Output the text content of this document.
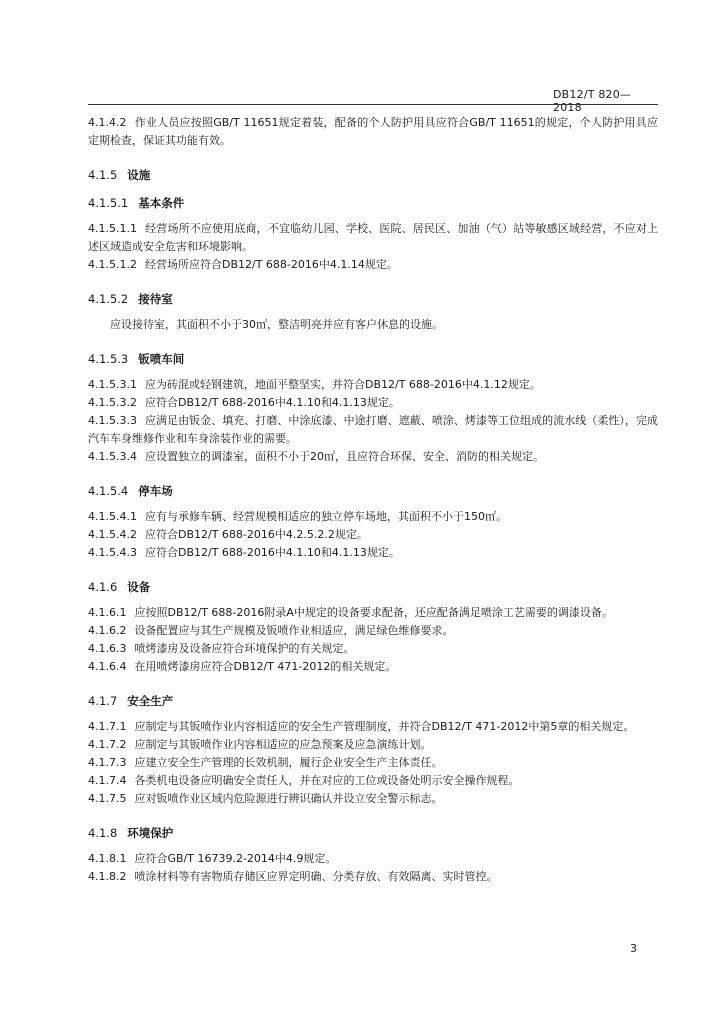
DB12/T 820—2018

4.1.4.2 作业人员应按照GB/T 11651规定着装，配备的个人防护用具应符合GB/T 11651的规定，个人防护用具应定期检查，保证其功能有效。

4.1.5 设施
4.1.5.1 基本条件

4.1.5.1.1 经营场所不应使用底商，不宜临幼儿园、学校、医院、居民区、加油（气）站等敏感区域经营，不应对上述区域造成安全危害和环境影响。

4.1.5.1.2 经营场所应符合DB12/T 688-2016中4.1.14规定。

4.1.5.2 接待室

应设接待室，其面积不小于30㎡，整洁明亮并应有客户休息的设施。

4.1.5.3 钣喷车间

4.1.5.3.1 应为砖混或轻钢建筑，地面平整坚实，并符合DB12/T 688-2016中4.1.12规定。

4.1.5.3.2 应符合DB12/T 688-2016中4.1.10和4.1.13规定。

4.1.5.3.3 应满足由钣金、填充、打磨、中涂底漆、中途打磨、遮蔽、喷涂、烤漆等工位组成的流水线（柔性），完成汽车车身维修作业和车身涂装作业的需要。

4.1.5.3.4 应设置独立的调漆室，面积不小于20㎡，且应符合环保、安全、消防的相关规定。

4.1.5.4 停车场

4.1.5.4.1 应有与承修车辆、经营规模相适应的独立停车场地，其面积不小于150㎡。

4.1.5.4.2 应符合DB12/T 688-2016中4.2.5.2.2规定。

4.1.5.4.3 应符合DB12/T 688-2016中4.1.10和4.1.13规定。

4.1.6 设备

4.1.6.1 应按照DB12/T 688-2016附录A中规定的设备要求配备，还应配备满足喷涂工艺需要的调漆设备。

4.1.6.2 设备配置应与其生产规模及钣喷作业相适应，满足绿色维修要求。

4.1.6.3 喷烤漆房及设备应符合环境保护的有关规定。

4.1.6.4 在用喷烤漆房应符合DB12/T 471-2012的相关规定。

4.1.7 安全生产

4.1.7.1 应制定与其钣喷作业内容相适应的安全生产管理制度，并符合DB12/T 471-2012中第5章的相关规定。

4.1.7.2 应制定与其钣喷作业内容相适应的应急预案及应急演练计划。

4.1.7.3 应建立安全生产管理的长效机制，履行企业安全生产主体责任。

4.1.7.4 各类机电设备应明确安全责任人，并在对应的工位或设备处明示安全操作规程。

4.1.7.5 应对钣喷作业区域内危险源进行辨识确认并设立安全警示标志。

4.1.8 环境保护

4.1.8.1 应符合GB/T 16739.2-2014中4.9规定。

4.1.8.2 喷涂材料等有害物质存储区应界定明确、分类存放、有效隔离、实时管控。

3
